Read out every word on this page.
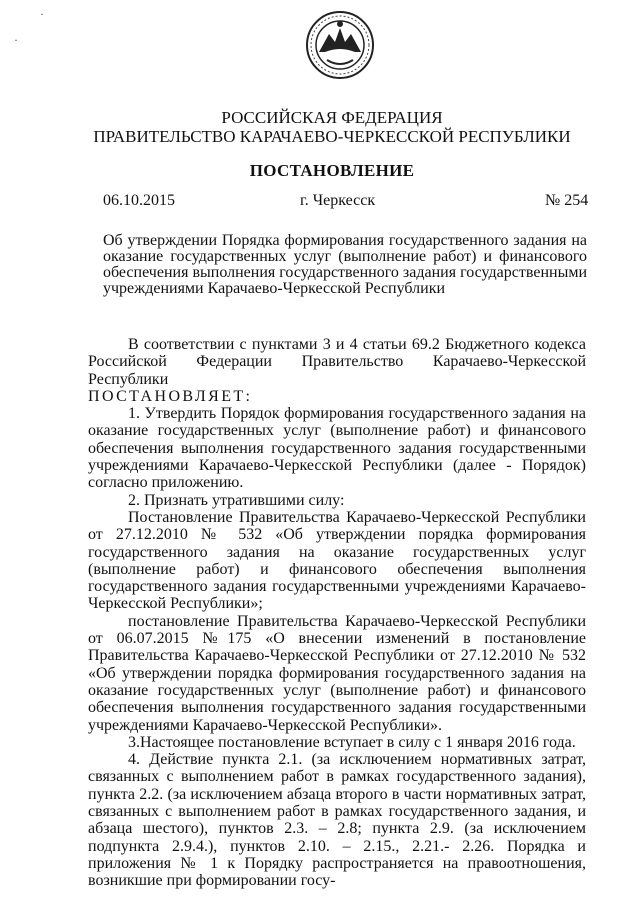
·
·
РОССИЙСКАЯ ФЕДЕРАЦИЯ
ПРАВИТЕЛЬСТВО КАРАЧАЕВО-ЧЕРКЕССКОЙ РЕСПУБЛИКИ
ПОСТАНОВЛЕНИЕ
06.10.2015	г. Черкесск	№ 254
Об утверждении Порядка формирования государственного задания на оказание государственных услуг (выполнение работ) и финансового обеспечения выполнения государственного задания государственными учреждениями Карачаево-Черкесской Республики

В соответствии с пунктами 3 и 4 статьи 69.2 Бюджетного кодекса Российской Федерации Правительство Карачаево-Черкесской Республики

ПОСТАНОВЛЯЕТ:

1. Утвердить Порядок формирования государственного задания на оказание государственных услуг (выполнение работ) и финансового обеспечения выполнения государственного задания государственными учреждениями Карачаево-Черкесской Республики (далее - Порядок) согласно приложению.

2. Признать утратившими силу:

Постановление Правительства Карачаево-Черкесской Республики от 27.12.2010 № 532 «Об утверждении порядка формирования государственного задания на оказание государственных услуг (выполнение работ) и финансового обеспечения выполнения государственного задания государственными учреждениями Карачаево-Черкесской Республики»;

постановление Правительства Карачаево-Черкесской Республики от 06.07.2015 №175 «О внесении изменений в постановление Правительства Карачаево-Черкесской Республики от 27.12.2010 № 532 «Об утверждении порядка формирования государственного задания на оказание государственных услуг (выполнение работ) и финансового обеспечения выполнения государственного задания государственными учреждениями Карачаево-Черкесской Республики».

3.Настоящее постановление вступает в силу с 1 января 2016 года.

4. Действие пункта 2.1. (за исключением нормативных затрат, связанных с выполнением работ в рамках государственного задания), пункта 2.2. (за исключением абзаца второго в части нормативных затрат, связанных с выполнением работ в рамках государственного задания, и абзаца шестого), пунктов 2.3. – 2.8; пункта 2.9. (за исключением подпункта 2.9.4.), пунктов 2.10. – 2.15., 2.21.- 2.26. Порядка и приложения № 1 к Порядку распространяется на правоотношения, возникшие при формировании госу-
